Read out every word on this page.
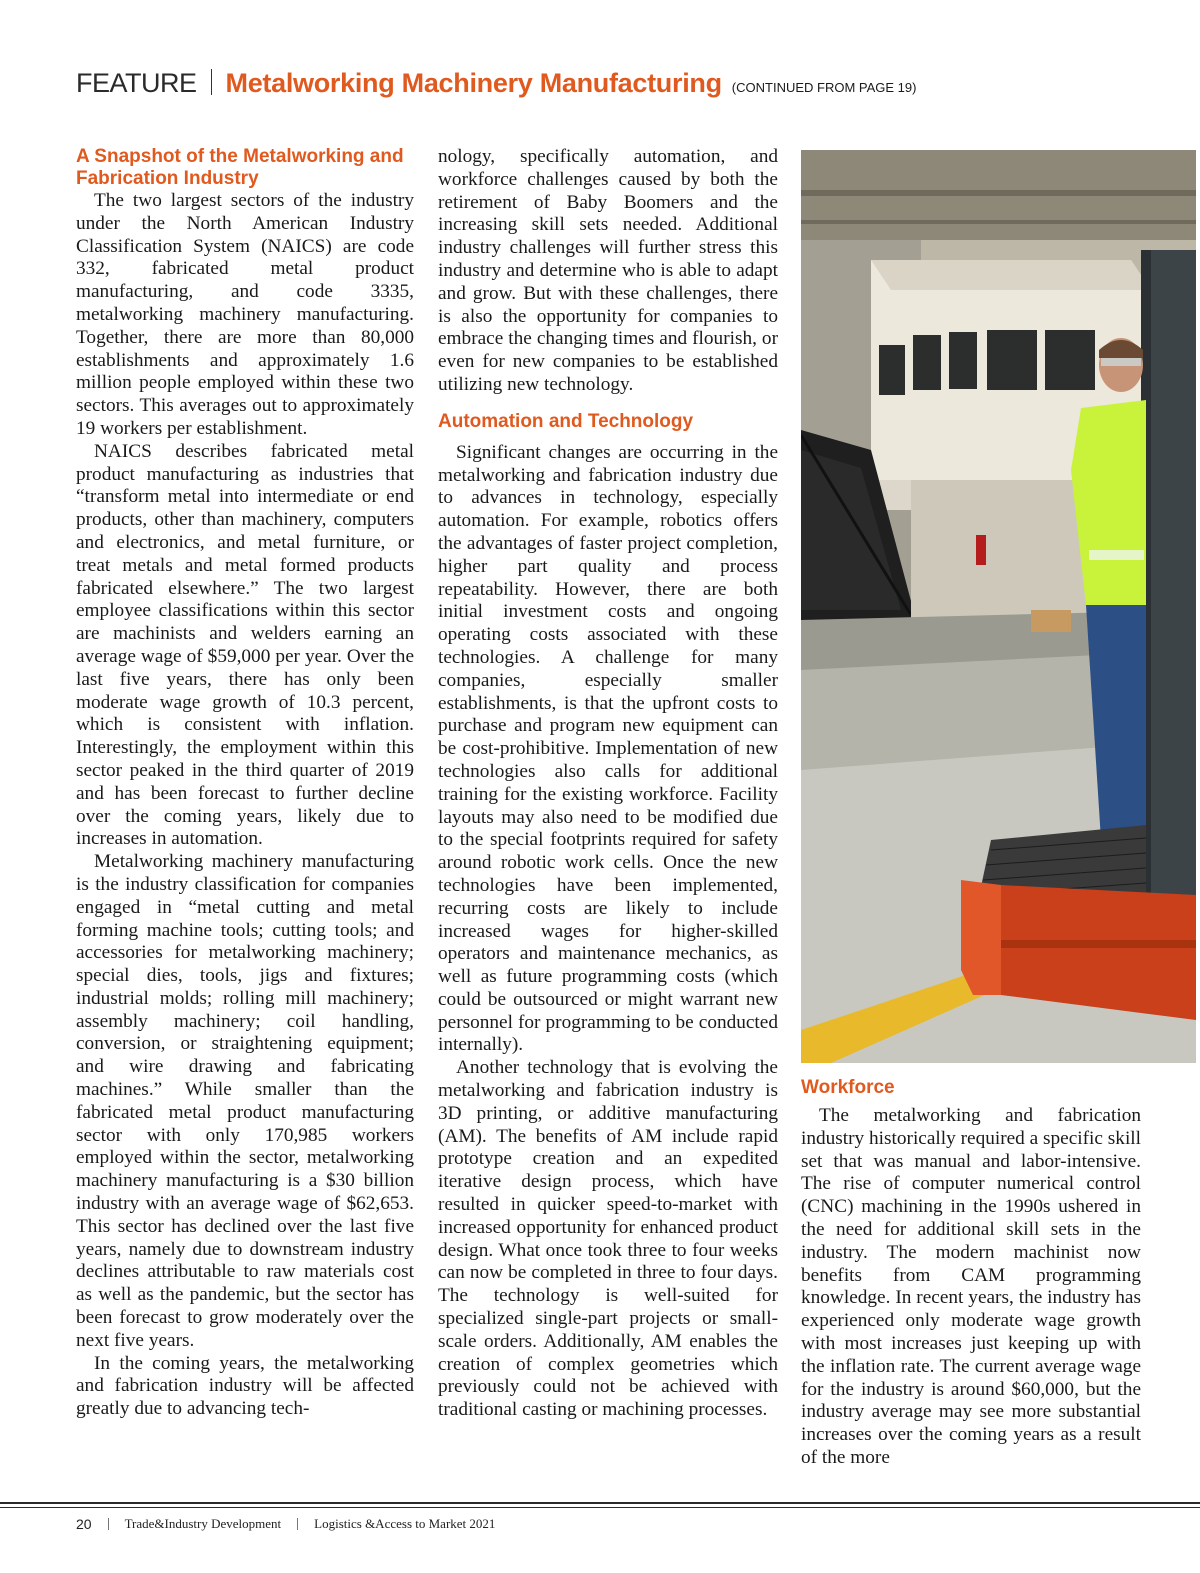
FEATURE Metalworking Machinery Manufacturing (CONTINUED FROM PAGE 19)
A Snapshot of the Metalworking and Fabrication Industry

The two largest sectors of the industry under the North American Industry Classification System (NAICS) are code 332, fabricated metal product manufacturing, and code 3335, metalworking machinery manufacturing. Together, there are more than 80,000 establishments and approximately 1.6 million people employed within these two sectors. This averages out to approximately 19 workers per establishment.

NAICS describes fabricated metal product manufacturing as industries that “transform metal into intermediate or end products, other than machinery, computers and electronics, and metal furniture, or treat metals and metal formed products fabricated elsewhere.” The two largest employee classifications within this sector are machinists and welders earning an average wage of $59,000 per year. Over the last five years, there has only been moderate wage growth of 10.3 percent, which is consistent with inflation. Interestingly, the employment within this sector peaked in the third quarter of 2019 and has been forecast to further decline over the coming years, likely due to increases in automation.

Metalworking machinery manufacturing is the industry classification for companies engaged in “metal cutting and metal forming machine tools; cutting tools; and accessories for metalworking machinery; special dies, tools, jigs and fixtures; industrial molds; rolling mill machinery; assembly machinery; coil handling, conversion, or straightening equipment; and wire drawing and fabricating machines.” While smaller than the fabricated metal product manufacturing sector with only 170,985 workers employed within the sector, metalworking machinery manufacturing is a $30 billion industry with an average wage of $62,653. This sector has declined over the last five years, namely due to downstream industry declines attributable to raw materials cost as well as the pandemic, but the sector has been forecast to grow moderately over the next five years.

In the coming years, the metalworking and fabrication industry will be affected greatly due to advancing tech-

nology, specifically automation, and workforce challenges caused by both the retirement of Baby Boomers and the increasing skill sets needed. Additional industry challenges will further stress this industry and determine who is able to adapt and grow. But with these challenges, there is also the opportunity for companies to embrace the changing times and flourish, or even for new companies to be established utilizing new technology.

Automation and Technology

Significant changes are occurring in the metalworking and fabrication industry due to advances in technology, especially automation. For example, robotics offers the advantages of faster project completion, higher part quality and process repeatability. However, there are both initial investment costs and ongoing operating costs associated with these technologies. A challenge for many companies, especially smaller establishments, is that the upfront costs to purchase and program new equipment can be cost-prohibitive. Implementation of new technologies also calls for additional training for the existing workforce. Facility layouts may also need to be modified due to the special footprints required for safety around robotic work cells. Once the new technologies have been implemented, recurring costs are likely to include increased wages for higher-skilled operators and maintenance mechanics, as well as future programming costs (which could be outsourced or might warrant new personnel for programming to be conducted internally).

Another technology that is evolving the metalworking and fabrication industry is 3D printing, or additive manufacturing (AM). The benefits of AM include rapid prototype creation and an expedited iterative design process, which have resulted in quicker speed-to-market with increased opportunity for enhanced product design. What once took three to four weeks can now be completed in three to four days. The technology is well-suited for specialized single-part projects or small-scale orders. Additionally, AM enables the creation of complex geometries which previously could not be achieved with traditional casting or machining processes.

Workforce

The metalworking and fabrication industry historically required a specific skill set that was manual and labor-intensive. The rise of computer numerical control (CNC) machining in the 1990s ushered in the need for additional skill sets in the industry. The modern machinist now benefits from CAM programming knowledge. In recent years, the industry has experienced only moderate wage growth with most increases just keeping up with the inflation rate. The current average wage for the industry is around $60,000, but the industry average may see more substantial increases over the coming years as a result of the more

20	Trade&Industry Development	Logistics &Access to Market 2021
